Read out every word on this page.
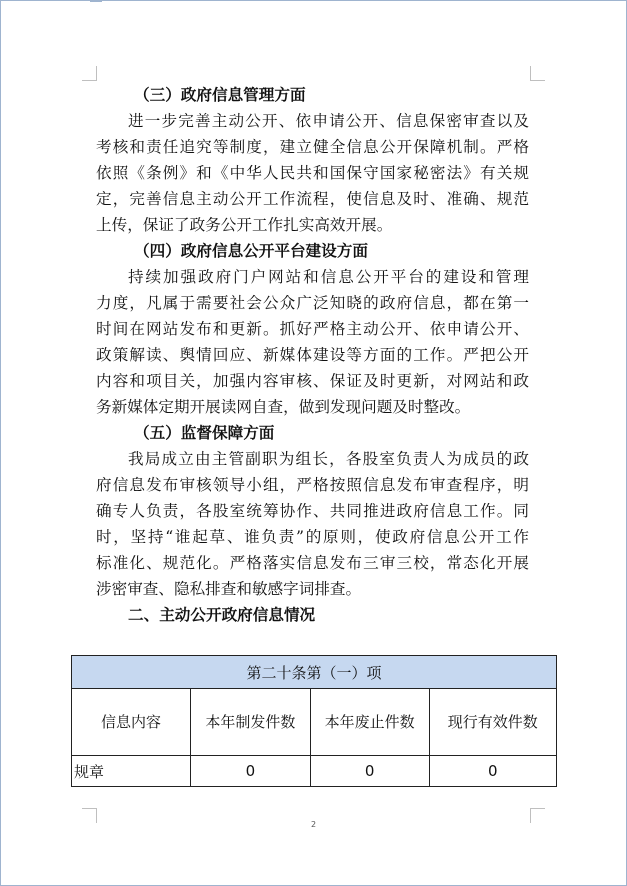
（三）政府信息管理方面
进一步完善主动公开、依申请公开、信息保密审查以及
考核和责任追究等制度，建立健全信息公开保障机制。严格
依照《条例》和《中华人民共和国保守国家秘密法》有关规
定，完善信息主动公开工作流程，使信息及时、准确、规范
上传，保证了政务公开工作扎实高效开展。
（四）政府信息公开平台建设方面
持续加强政府门户网站和信息公开平台的建设和管理
力度，凡属于需要社会公众广泛知晓的政府信息，都在第一
时间在网站发布和更新。抓好严格主动公开、依申请公开、
政策解读、舆情回应、新媒体建设等方面的工作。严把公开
内容和项目关，加强内容审核、保证及时更新，对网站和政
务新媒体定期开展读网自查，做到发现问题及时整改。
（五）监督保障方面
我局成立由主管副职为组长，各股室负责人为成员的政
府信息发布审核领导小组，严格按照信息发布审查程序，明
确专人负责，各股室统筹协作、共同推进政府信息工作。同
时，坚持“谁起草、谁负责”的原则，使政府信息公开工作
标准化、规范化。严格落实信息发布三审三校，常态化开展
涉密审查、隐私排查和敏感字词排查。
二、主动公开政府信息情况
第二十条第（一）项			
信息内容	本年制发件数	本年废止件数	现行有效件数
规章	0	0	0
2
